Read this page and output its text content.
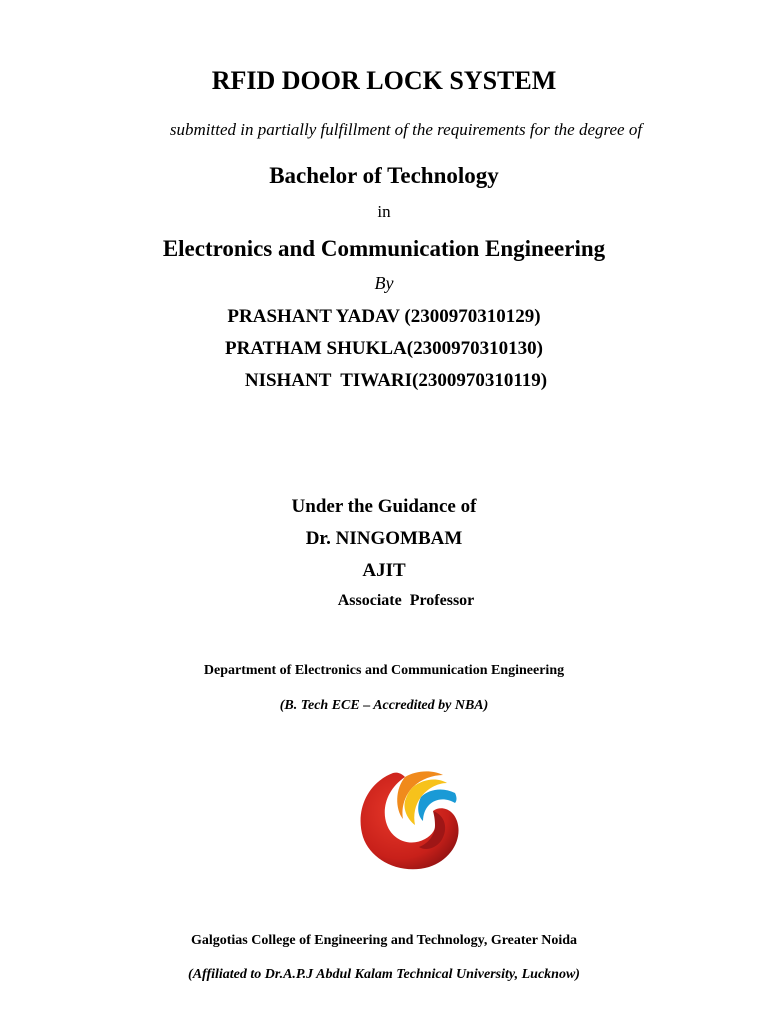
RFID DOOR LOCK SYSTEM
submitted in partially fulfillment of the requirements for the degree of
Bachelor of Technology
in
Electronics and Communication Engineering
By
PRASHANT YADAV (2300970310129)
PRATHAM SHUKLA(2300970310130)
NISHANT  TIWARI(2300970310119)
Under the Guidance of
Dr. NINGOMBAM
AJIT
Associate  Professor
Department of Electronics and Communication Engineering
(B. Tech ECE – Accredited by NBA)
Galgotias College of Engineering and Technology, Greater Noida
(Affiliated to Dr.A.P.J Abdul Kalam Technical University, Lucknow)
